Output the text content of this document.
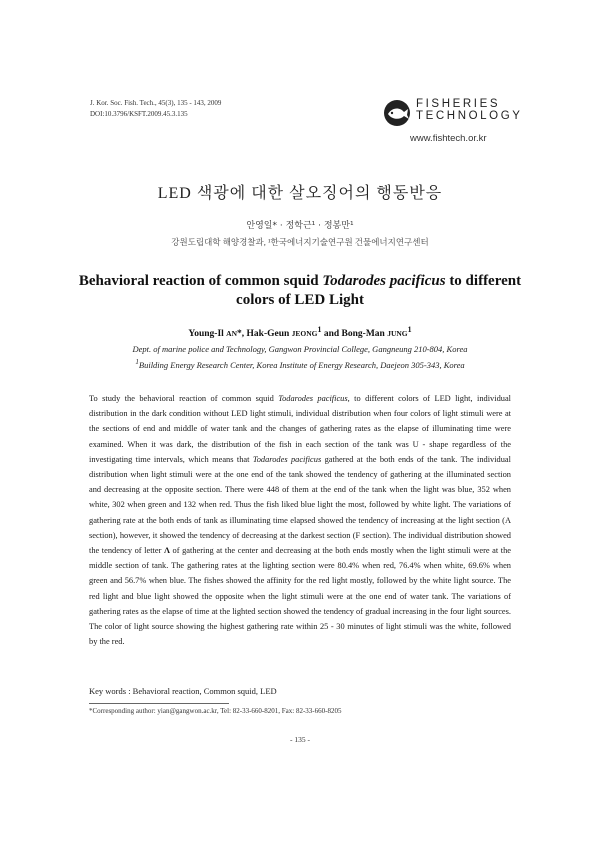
J. Kor. Soc. Fish. Tech., 45(3), 135 - 143, 2009
DOI:10.3796/KSFT.2009.45.3.135
FISHERIES
TECHNOLOGY
www.fishtech.or.kr
LED 색광에 대한 살오징어의 행동반응
안영일* · 정학근¹ · 정봉만¹
강원도립대학 해양경찰과, ¹한국에너지기술연구원 건물에너지연구센터
Behavioral reaction of common squid Todarodes pacificus to different colors of LED Light
Young-Il AN*, Hak-Geun JEONG$^1$ and Bong-Man JUNG$^1$
Dept. of marine police and Technology, Gangwon Provincial College, Gangneung 210-804, Korea
$^1$Building Energy Research Center, Korea Institute of Energy Research, Daejeon 305-343, Korea
To study the behavioral reaction of common squid Todarodes pacificus, to different colors of LED light, individual distribution in the dark condition without LED light stimuli, individual distribution when four colors of light stimuli were at the sections of end and middle of water tank and the changes of gathering rates as the elapse of illuminating time were examined. When it was dark, the distribution of the fish in each section of the tank was U - shape regardless of the investigating time intervals, which means that Todarodes pacificus gathered at the both ends of the tank. The individual distribution when light stimuli were at the one end of the tank showed the tendency of gathering at the illuminated section and decreasing at the opposite section. There were 448 of them at the end of the tank when the light was blue, 352 when white, 302 when green and 132 when red. Thus the fish liked blue light the most, followed by white light. The variations of gathering rate at the both ends of tank as illuminating time elapsed showed the tendency of increasing at the light section (A section), however, it showed the tendency of decreasing at the darkest section (F section). The individual distribution showed the tendency of letter Λ of gathering at the center and decreasing at the both ends mostly when the light stimuli were at the middle section of tank. The gathering rates at the lighting section were 80.4% when red, 76.4% when white, 69.6% when green and 56.7% when blue. The fishes showed the affinity for the red light mostly, followed by the white light source. The red light and blue light showed the opposite when the light stimuli were at the one end of water tank. The variations of gathering rates as the elapse of time at the lighted section showed the tendency of gradual increasing in the four light sources. The color of light source showing the highest gathering rate within 25 - 30 minutes of light stimuli was the white, followed by the red.
Key words : Behavioral reaction, Common squid, LED
*Corresponding author: yian@gangwon.ac.kr, Tel: 82-33-660-8201, Fax: 82-33-660-8205
- 135 -
